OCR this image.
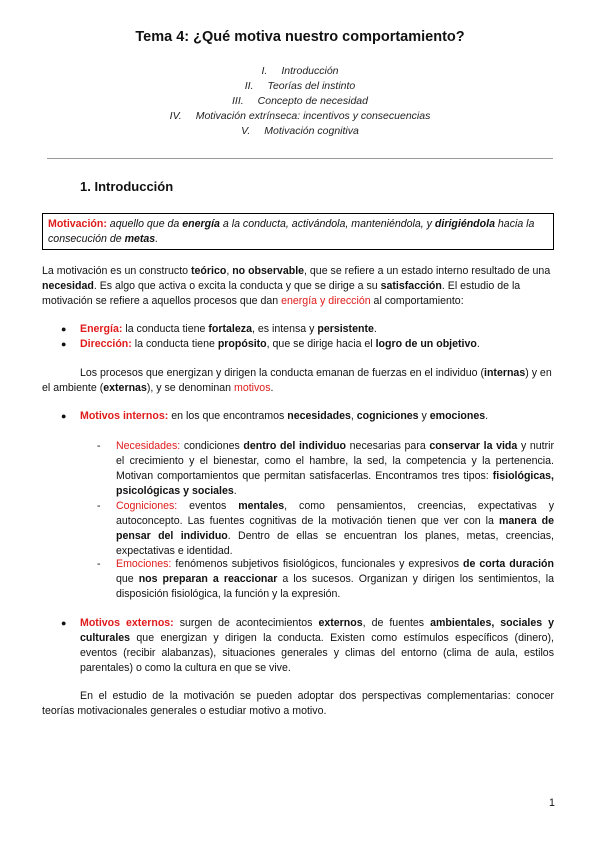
Tema 4: ¿Qué motiva nuestro comportamiento?
I. Introducción
II. Teorías del instinto
III. Concepto de necesidad
IV. Motivación extrínseca: incentivos y consecuencias
V. Motivación cognitiva
1. Introducción
Motivación: aquello que da energía a la conducta, activándola, manteniéndola, y dirigiéndola hacia la consecución de metas.
La motivación es un constructo teórico, no observable, que se refiere a un estado interno resultado de una necesidad. Es algo que activa o excita la conducta y que se dirige a su satisfacción. El estudio de la motivación se refiere a aquellos procesos que dan energía y dirección al comportamiento:
● Energía: la conducta tiene fortaleza, es intensa y persistente.
● Dirección: la conducta tiene propósito, que se dirige hacia el logro de un objetivo.
Los procesos que energizan y dirigen la conducta emanan de fuerzas en el individuo (internas) y en el ambiente (externas), y se denominan motivos.
● Motivos internos: en los que encontramos necesidades, cogniciones y emociones.
- Necesidades: condiciones dentro del individuo necesarias para conservar la vida y nutrir el crecimiento y el bienestar, como el hambre, la sed, la competencia y la pertenencia. Motivan comportamientos que permitan satisfacerlas. Encontramos tres tipos: fisiológicas, psicológicas y sociales.
- Cogniciones: eventos mentales, como pensamientos, creencias, expectativas y autoconcepto. Las fuentes cognitivas de la motivación tienen que ver con la manera de pensar del individuo. Dentro de ellas se encuentran los planes, metas, creencias, expectativas e identidad.
- Emociones: fenómenos subjetivos fisiológicos, funcionales y expresivos de corta duración que nos preparan a reaccionar a los sucesos. Organizan y dirigen los sentimientos, la disposición fisiológica, la función y la expresión.
● Motivos externos: surgen de acontecimientos externos, de fuentes ambientales, sociales y culturales que energizan y dirigen la conducta. Existen como estímulos específicos (dinero), eventos (recibir alabanzas), situaciones generales y climas del entorno (clima de aula, estilos parentales) o como la cultura en que se vive.
En el estudio de la motivación se pueden adoptar dos perspectivas complementarias: conocer teorías motivacionales generales o estudiar motivo a motivo.
1
